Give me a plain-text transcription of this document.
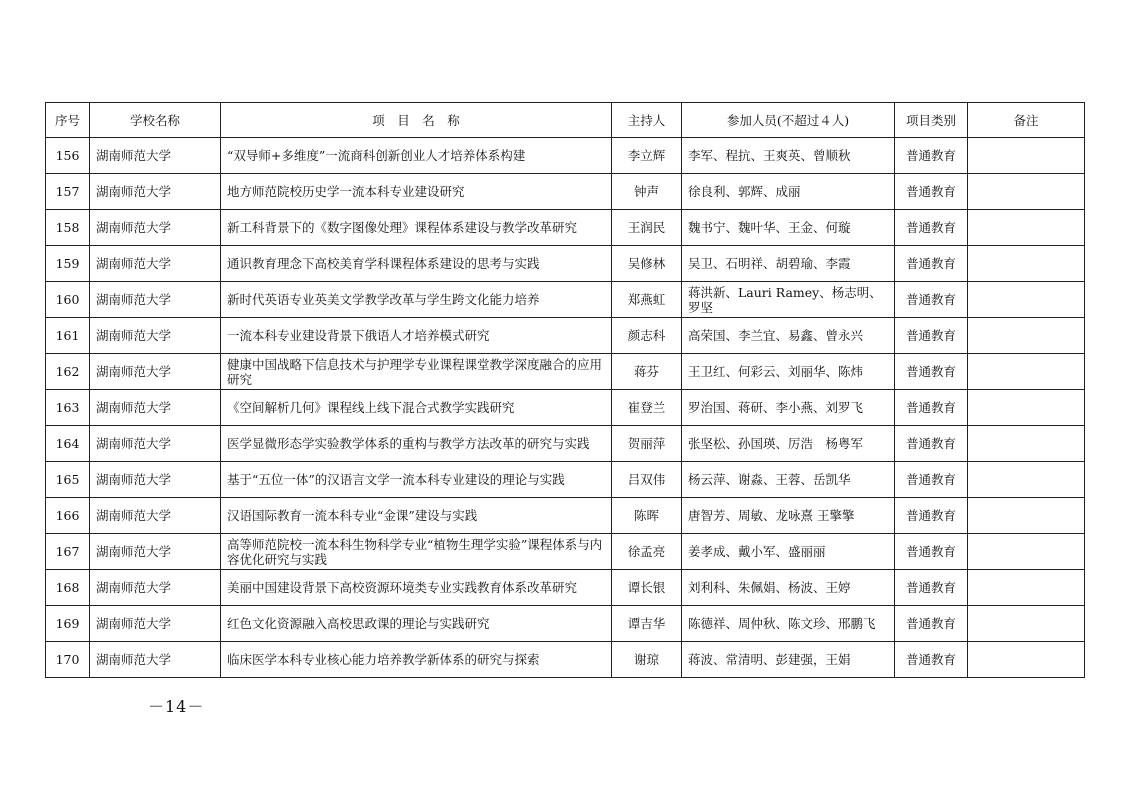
序号	学校名称	项　目　名　称	主持人	参加人员(不超过４人)	项目类别	备注
156	湖南师范大学	“双导师+多维度”一流商科创新创业人才培养体系构建	李立辉	李军、程抗、王爽英、曾顺秋	普通教育	
157	湖南师范大学	地方师范院校历史学一流本科专业建设研究	钟声	徐良利、郭辉、成丽	普通教育	
158	湖南师范大学	新工科背景下的《数字图像处理》课程体系建设与教学改革研究	王润民	魏书宁、魏叶华、王金、何璇	普通教育	
159	湖南师范大学	通识教育理念下高校美育学科课程体系建设的思考与实践	吴修林	吴卫、石明祥、胡碧瑜、李霞	普通教育	
160	湖南师范大学	新时代英语专业英美文学教学改革与学生跨文化能力培养	郑燕虹	蒋洪新、Lauri Ramey、杨志明、罗坚	普通教育	
161	湖南师范大学	一流本科专业建设背景下俄语人才培养模式研究	颜志科	高荣国、李兰宜、易鑫、曾永兴	普通教育	
162	湖南师范大学	健康中国战略下信息技术与护理学专业课程课堂教学深度融合的应用研究	蒋芬	王卫红、何彩云、刘丽华、陈炜	普通教育	
163	湖南师范大学	《空间解析几何》课程线上线下混合式教学实践研究	崔登兰	罗治国、蒋研、李小燕、刘罗飞	普通教育	
164	湖南师范大学	医学显微形态学实验教学体系的重构与教学方法改革的研究与实践	贺丽萍	张坚松、孙国瑛、厉浩　杨粤军	普通教育	
165	湖南师范大学	基于“五位一体”的汉语言文学一流本科专业建设的理论与实践	吕双伟	杨云萍、谢淼、王蓉、岳凯华	普通教育	
166	湖南师范大学	汉语国际教育一流本科专业“金课”建设与实践	陈晖	唐智芳、周敏、龙咏熹 王擎擎	普通教育	
167	湖南师范大学	高等师范院校一流本科生物科学专业“植物生理学实验”课程体系与内容优化研究与实践	徐孟亮	姜孝成、戴小军、盛丽丽	普通教育	
168	湖南师范大学	美丽中国建设背景下高校资源环境类专业实践教育体系改革研究	谭长银	刘利科、朱佩娟、杨波、王婷	普通教育	
169	湖南师范大学	红色文化资源融入高校思政课的理论与实践研究	谭吉华	陈德祥、周仲秋、陈文珍、邢鹏飞	普通教育	
170	湖南师范大学	临床医学本科专业核心能力培养教学新体系的研究与探索	谢琼	蒋波、常清明、彭建强，王娟	普通教育	
－14－
